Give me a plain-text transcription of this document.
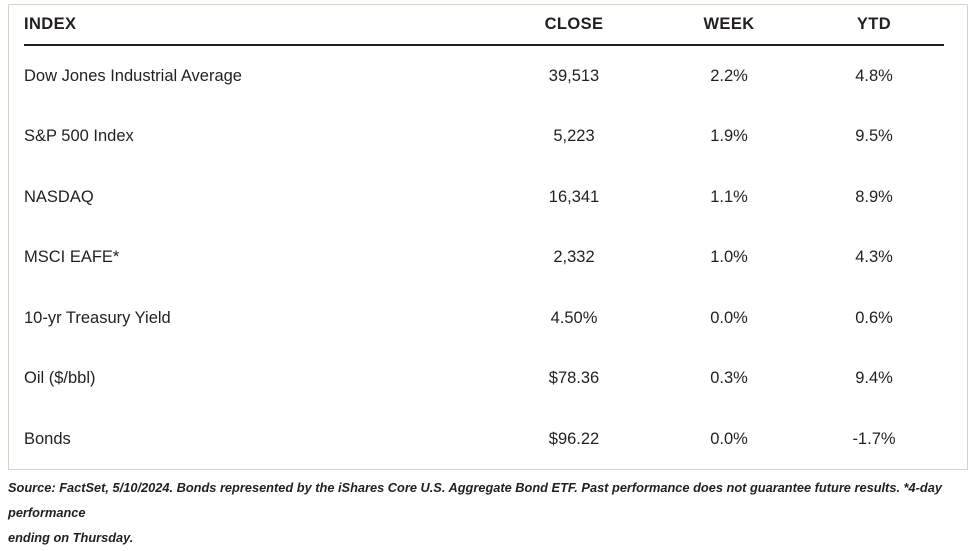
INDEX	CLOSE	WEEK	YTD
Dow Jones Industrial Average	39,513	2.2%	4.8%
S&P 500 Index	5,223	1.9%	9.5%
NASDAQ	16,341	1.1%	8.9%
MSCI EAFE*	2,332	1.0%	4.3%
10-yr Treasury Yield	4.50%	0.0%	0.6%
Oil ($/bbl)	$78.36	0.3%	9.4%
Bonds	$96.22	0.0%	-1.7%
Source: FactSet, 5/10/2024. Bonds represented by the iShares Core U.S. Aggregate Bond ETF. Past performance does not guarantee future results. *4-day performance
ending on Thursday.
